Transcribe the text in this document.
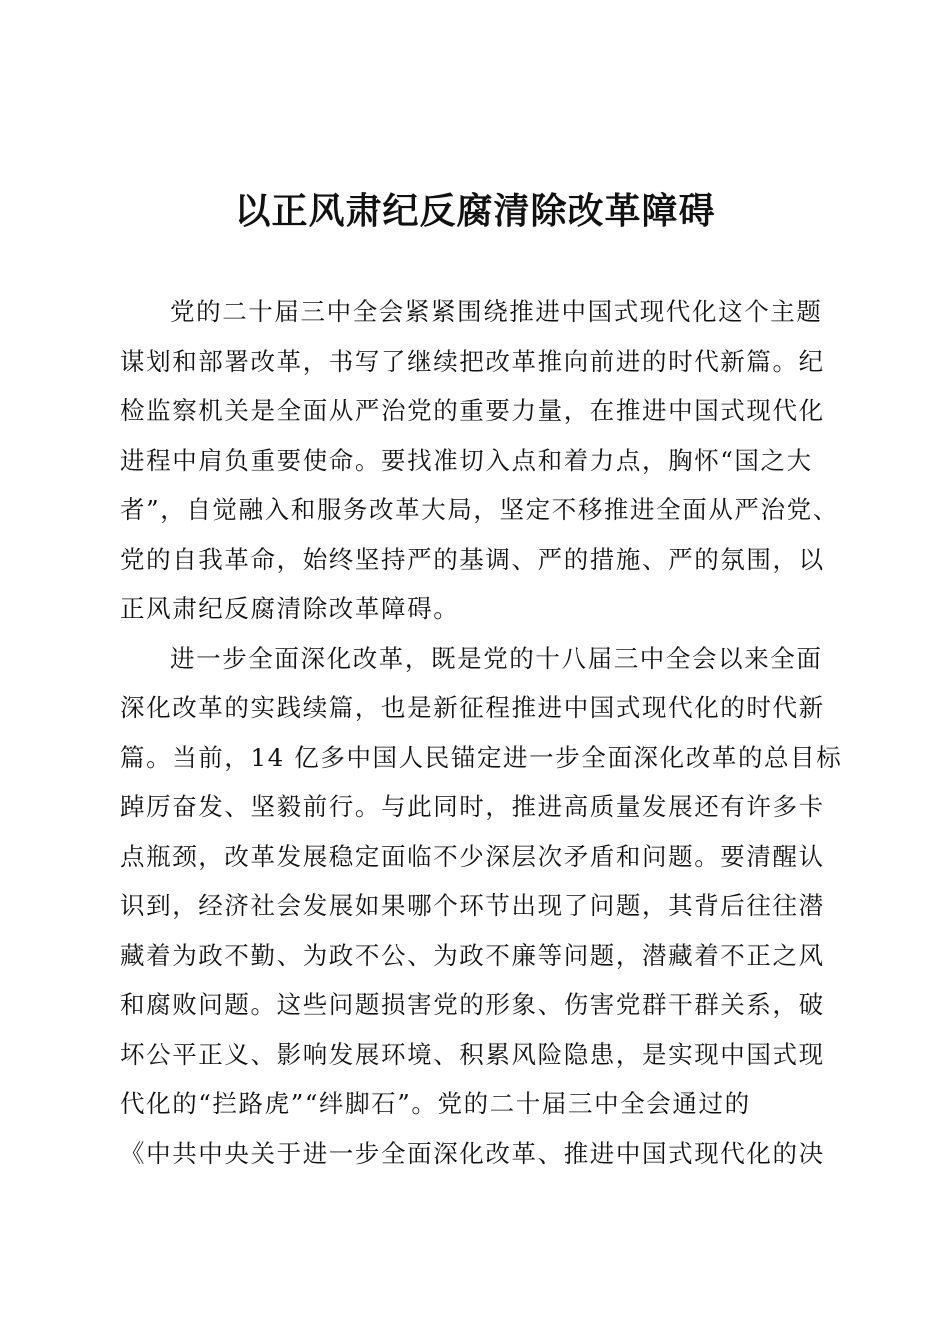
以正风肃纪反腐清除改革障碍
党的二十届三中全会紧紧围绕推进中国式现代化这个主题
谋划和部署改革，书写了继续把改革推向前进的时代新篇。纪
检监察机关是全面从严治党的重要力量，在推进中国式现代化
进程中肩负重要使命。要找准切入点和着力点，胸怀“国之大
者”，自觉融入和服务改革大局，坚定不移推进全面从严治党、
党的自我革命，始终坚持严的基调、严的措施、严的氛围，以
正风肃纪反腐清除改革障碍。
进一步全面深化改革，既是党的十八届三中全会以来全面
深化改革的实践续篇，也是新征程推进中国式现代化的时代新
篇。当前，14 亿多中国人民锚定进一步全面深化改革的总目标
踔厉奋发、坚毅前行。与此同时，推进高质量发展还有许多卡
点瓶颈，改革发展稳定面临不少深层次矛盾和问题。要清醒认
识到，经济社会发展如果哪个环节出现了问题，其背后往往潜
藏着为政不勤、为政不公、为政不廉等问题，潜藏着不正之风
和腐败问题。这些问题损害党的形象、伤害党群干群关系，破
坏公平正义、影响发展环境、积累风险隐患，是实现中国式现
代化的“拦路虎”“绊脚石”。党的二十届三中全会通过的
《中共中央关于进一步全面深化改革、推进中国式现代化的决
